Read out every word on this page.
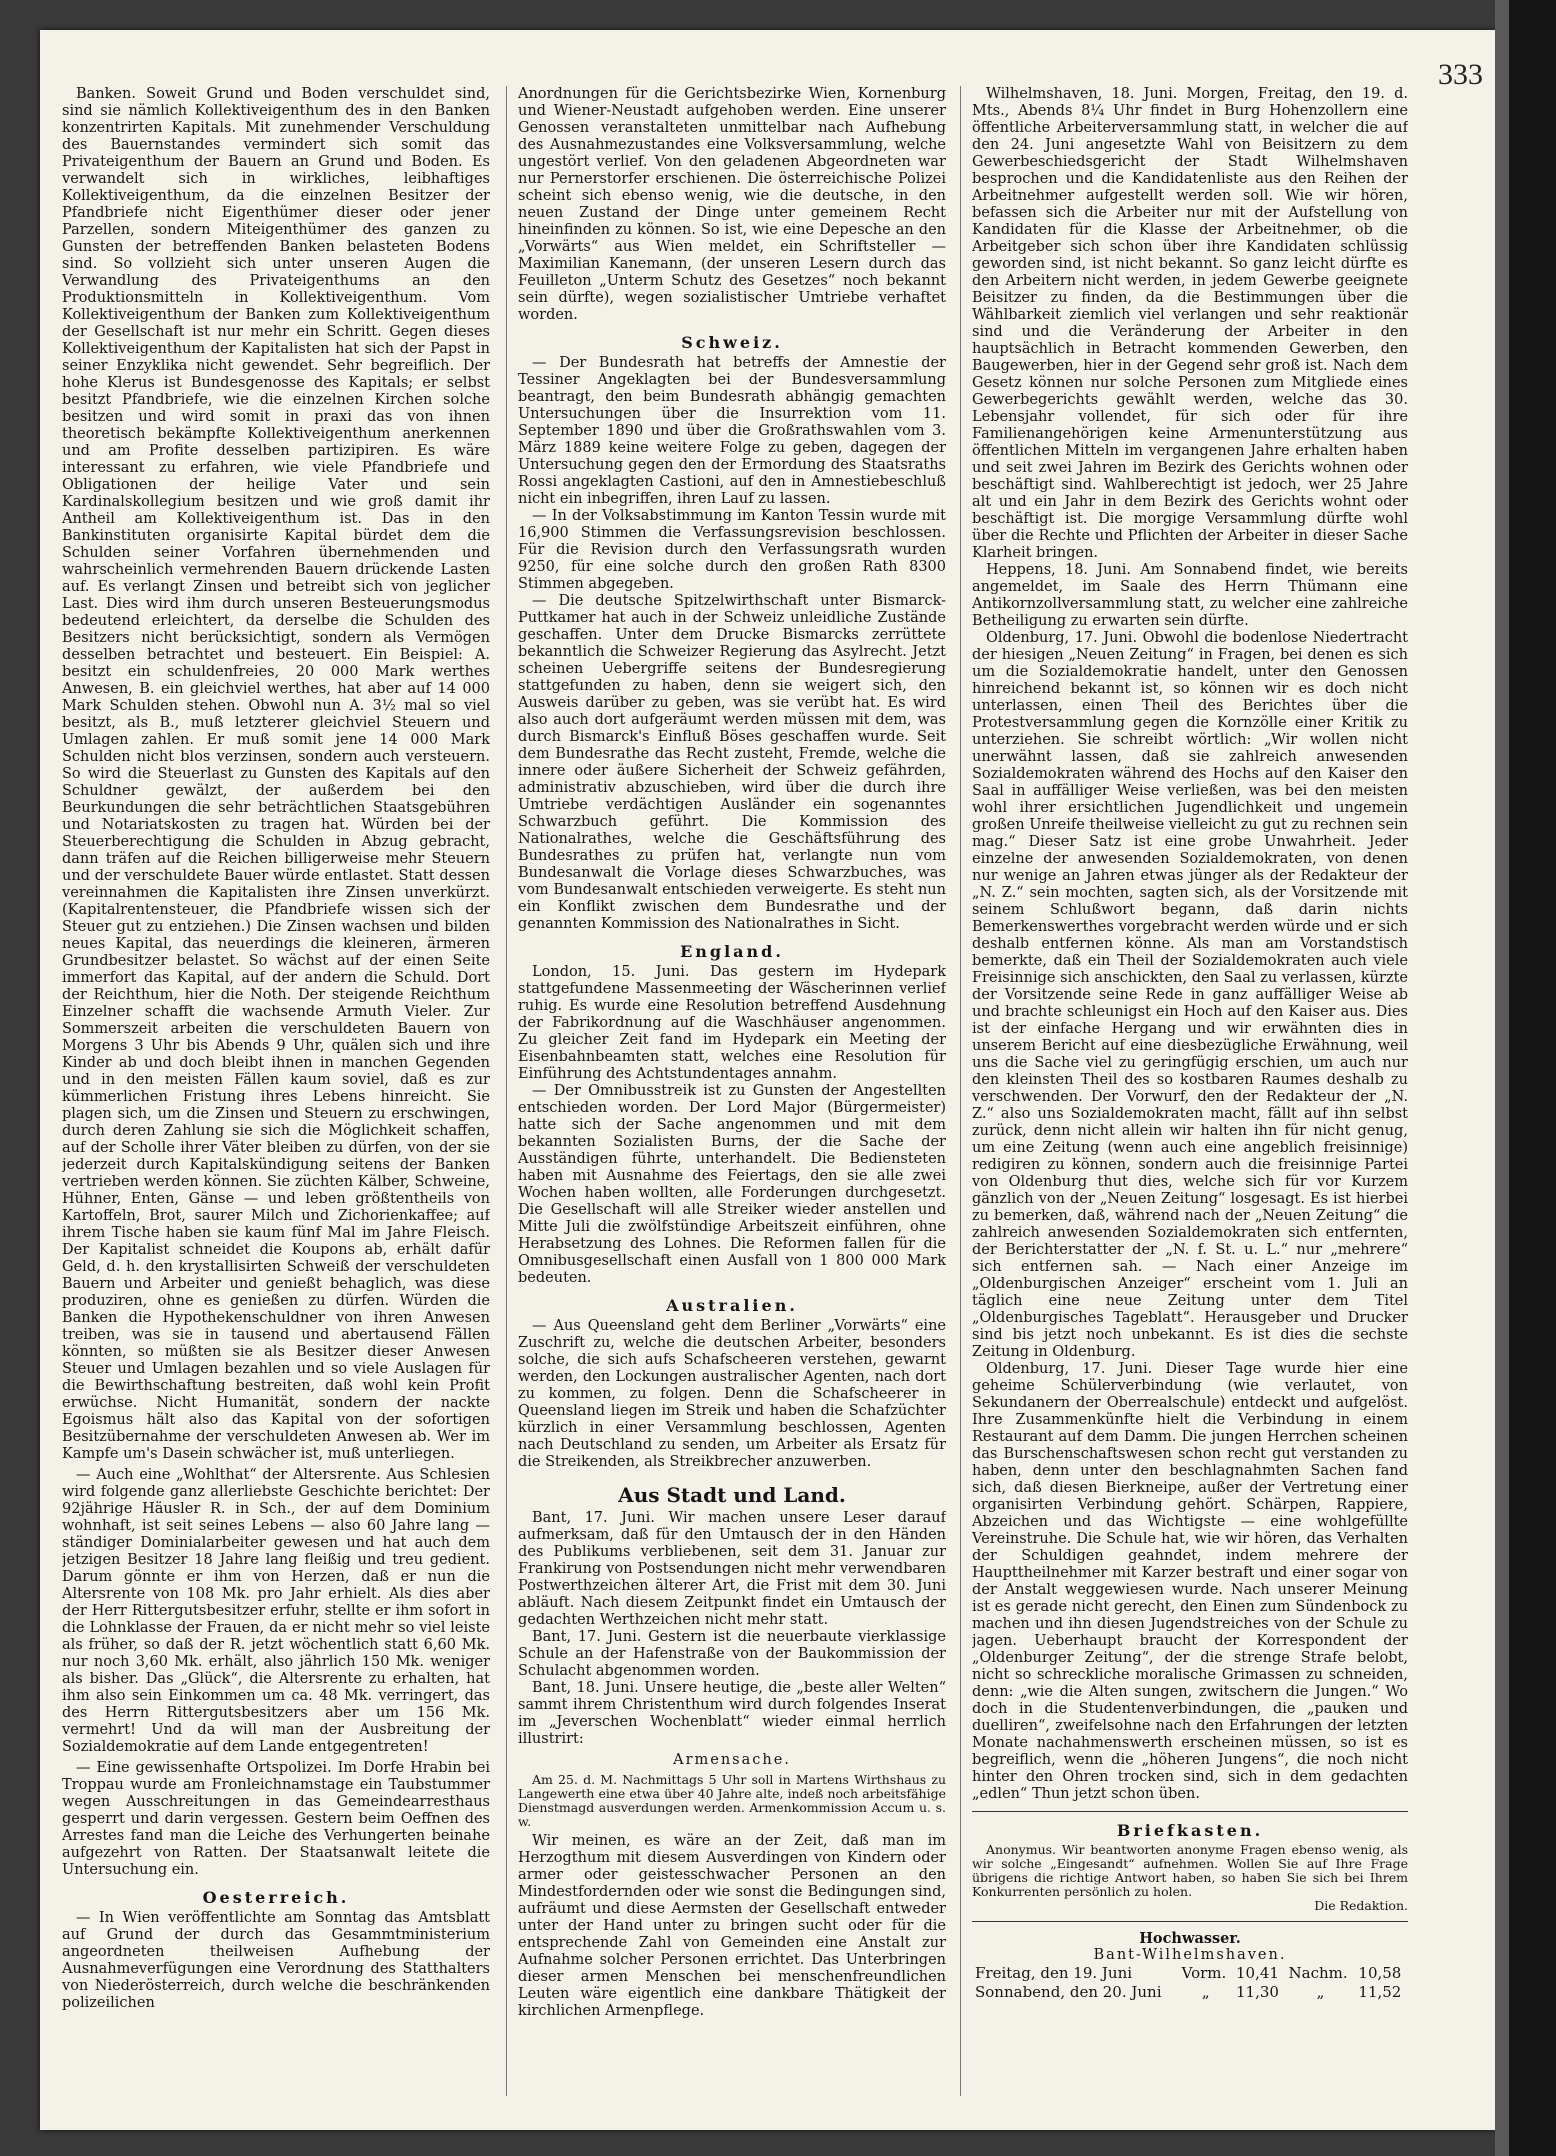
333

Banken. Soweit Grund und Boden verschuldet sind, sind sie nämlich Kollektiveigenthum des in den Banken konzentrirten Kapitals. Mit zunehmender Verschuldung des Bauernstandes vermindert sich somit das Privateigenthum der Bauern an Grund und Boden. Es verwandelt sich in wirkliches, leibhaftiges Kollektiveigenthum, da die einzelnen Besitzer der Pfandbriefe nicht Eigenthümer dieser oder jener Parzellen, sondern Miteigenthümer des ganzen zu Gunsten der betreffenden Banken belasteten Bodens sind. So vollzieht sich unter unseren Augen die Verwandlung des Privateigenthums an den Produktionsmitteln in Kollektiveigenthum. Vom Kollektiveigenthum der Banken zum Kollektiveigenthum der Gesellschaft ist nur mehr ein Schritt. Gegen dieses Kollektiveigenthum der Kapitalisten hat sich der Papst in seiner Enzyklika nicht gewendet. Sehr begreiflich. Der hohe Klerus ist Bundesgenosse des Kapitals; er selbst besitzt Pfandbriefe, wie die einzelnen Kirchen solche besitzen und wird somit in praxi das von ihnen theoretisch bekämpfte Kollektiveigenthum anerkennen und am Profite desselben partizipiren. Es wäre interessant zu erfahren, wie viele Pfandbriefe und Obligationen der heilige Vater und sein Kardinalskollegium besitzen und wie groß damit ihr Antheil am Kollektiveigenthum ist. Das in den Bankinstituten organisirte Kapital bürdet dem die Schulden seiner Vorfahren übernehmenden und wahrscheinlich vermehrenden Bauern drückende Lasten auf. Es verlangt Zinsen und betreibt sich von jeglicher Last. Dies wird ihm durch unseren Besteuerungsmodus bedeutend erleichtert, da derselbe die Schulden des Besitzers nicht berücksichtigt, sondern als Vermögen desselben betrachtet und besteuert. Ein Beispiel: A. besitzt ein schuldenfreies, 20 000 Mark werthes Anwesen, B. ein gleichviel werthes, hat aber auf 14 000 Mark Schulden stehen. Obwohl nun A. 3½ mal so viel besitzt, als B., muß letzterer gleichviel Steuern und Umlagen zahlen. Er muß somit jene 14 000 Mark Schulden nicht blos verzinsen, sondern auch versteuern. So wird die Steuerlast zu Gunsten des Kapitals auf den Schuldner gewälzt, der außerdem bei den Beurkundungen die sehr beträchtlichen Staatsgebühren und Notariatskosten zu tragen hat. Würden bei der Steuerberechtigung die Schulden in Abzug gebracht, dann träfen auf die Reichen billigerweise mehr Steuern und der verschuldete Bauer würde entlastet. Statt dessen vereinnahmen die Kapitalisten ihre Zinsen unverkürzt. (Kapitalrentensteuer, die Pfandbriefe wissen sich der Steuer gut zu entziehen.) Die Zinsen wachsen und bilden neues Kapital, das neuerdings die kleineren, ärmeren Grundbesitzer belastet. So wächst auf der einen Seite immerfort das Kapital, auf der andern die Schuld. Dort der Reichthum, hier die Noth. Der steigende Reichthum Einzelner schafft die wachsende Armuth Vieler. Zur Sommerszeit arbeiten die verschuldeten Bauern von Morgens 3 Uhr bis Abends 9 Uhr, quälen sich und ihre Kinder ab und doch bleibt ihnen in manchen Gegenden und in den meisten Fällen kaum soviel, daß es zur kümmerlichen Fristung ihres Lebens hinreicht. Sie plagen sich, um die Zinsen und Steuern zu erschwingen, durch deren Zahlung sie sich die Möglichkeit schaffen, auf der Scholle ihrer Väter bleiben zu dürfen, von der sie jederzeit durch Kapitalskündigung seitens der Banken vertrieben werden können. Sie züchten Kälber, Schweine, Hühner, Enten, Gänse — und leben größtentheils von Kartoffeln, Brot, saurer Milch und Zichorienkaffee; auf ihrem Tische haben sie kaum fünf Mal im Jahre Fleisch. Der Kapitalist schneidet die Koupons ab, erhält dafür Geld, d. h. den krystallisirten Schweiß der verschuldeten Bauern und Arbeiter und genießt behaglich, was diese produziren, ohne es genießen zu dürfen. Würden die Banken die Hypothekenschuldner von ihren Anwesen treiben, was sie in tausend und abertausend Fällen könnten, so müßten sie als Besitzer dieser Anwesen Steuer und Umlagen bezahlen und so viele Auslagen für die Bewirthschaftung bestreiten, daß wohl kein Profit erwüchse. Nicht Humanität, sondern der nackte Egoismus hält also das Kapital von der sofortigen Besitzübernahme der verschuldeten Anwesen ab. Wer im Kampfe um's Dasein schwächer ist, muß unterliegen.

— Auch eine „Wohlthat“ der Altersrente. Aus Schlesien wird folgende ganz allerliebste Geschichte berichtet: Der 92jährige Häusler R. in Sch., der auf dem Dominium wohnhaft, ist seit seines Lebens — also 60 Jahre lang — ständiger Dominialarbeiter gewesen und hat auch dem jetzigen Besitzer 18 Jahre lang fleißig und treu gedient. Darum gönnte er ihm von Herzen, daß er nun die Altersrente von 108 Mk. pro Jahr erhielt. Als dies aber der Herr Rittergutsbesitzer erfuhr, stellte er ihm sofort in die Lohnklasse der Frauen, da er nicht mehr so viel leiste als früher, so daß der R. jetzt wöchentlich statt 6,60 Mk. nur noch 3,60 Mk. erhält, also jährlich 150 Mk. weniger als bisher. Das „Glück“, die Altersrente zu erhalten, hat ihm also sein Einkommen um ca. 48 Mk. verringert, das des Herrn Rittergutsbesitzers aber um 156 Mk. vermehrt! Und da will man der Ausbreitung der Sozialdemokratie auf dem Lande entgegentreten!

— Eine gewissenhafte Ortspolizei. Im Dorfe Hrabin bei Troppau wurde am Fronleichnamstage ein Taubstummer wegen Ausschreitungen in das Gemeindearresthaus gesperrt und darin vergessen. Gestern beim Oeffnen des Arrestes fand man die Leiche des Verhungerten beinahe aufgezehrt von Ratten. Der Staatsanwalt leitete die Untersuchung ein.

Oesterreich.

— In Wien veröffentlichte am Sonntag das Amtsblatt auf Grund der durch das Gesammtministerium angeordneten theilweisen Aufhebung der Ausnahmeverfügungen eine Verordnung des Statthalters von Niederösterreich, durch welche die beschränkenden polizeilichen

Anordnungen für die Gerichtsbezirke Wien, Kornenburg und Wiener-Neustadt aufgehoben werden. Eine unserer Genossen veranstalteten unmittelbar nach Aufhebung des Ausnahmezustandes eine Volksversammlung, welche ungestört verlief. Von den geladenen Abgeordneten war nur Pernerstorfer erschienen. Die österreichische Polizei scheint sich ebenso wenig, wie die deutsche, in den neuen Zustand der Dinge unter gemeinem Recht hineinfinden zu können. So ist, wie eine Depesche an den „Vorwärts“ aus Wien meldet, ein Schriftsteller — Maximilian Kanemann, (der unseren Lesern durch das Feuilleton „Unterm Schutz des Gesetzes“ noch bekannt sein dürfte), wegen sozialistischer Umtriebe verhaftet worden.

Schweiz.

— Der Bundesrath hat betreffs der Amnestie der Tessiner Angeklagten bei der Bundesversammlung beantragt, den beim Bundesrath abhängig gemachten Untersuchungen über die Insurrektion vom 11. September 1890 und über die Großrathswahlen vom 3. März 1889 keine weitere Folge zu geben, dagegen der Untersuchung gegen den der Ermordung des Staatsraths Rossi angeklagten Castioni, auf den in Amnestiebeschluß nicht ein inbegriffen, ihren Lauf zu lassen.

— In der Volksabstimmung im Kanton Tessin wurde mit 16,900 Stimmen die Verfassungsrevision beschlossen. Für die Revision durch den Verfassungsrath wurden 9250, für eine solche durch den großen Rath 8300 Stimmen abgegeben.

— Die deutsche Spitzelwirthschaft unter Bismarck-Puttkamer hat auch in der Schweiz unleidliche Zustände geschaffen. Unter dem Drucke Bismarcks zerrüttete bekanntlich die Schweizer Regierung das Asylrecht. Jetzt scheinen Uebergriffe seitens der Bundesregierung stattgefunden zu haben, denn sie weigert sich, den Ausweis darüber zu geben, was sie verübt hat. Es wird also auch dort aufgeräumt werden müssen mit dem, was durch Bismarck's Einfluß Böses geschaffen wurde. Seit dem Bundesrathe das Recht zusteht, Fremde, welche die innere oder äußere Sicherheit der Schweiz gefährden, administrativ abzuschieben, wird über die durch ihre Umtriebe verdächtigen Ausländer ein sogenanntes Schwarzbuch geführt. Die Kommission des Nationalrathes, welche die Geschäftsführung des Bundesrathes zu prüfen hat, verlangte nun vom Bundesanwalt die Vorlage dieses Schwarzbuches, was vom Bundesanwalt entschieden verweigerte. Es steht nun ein Konflikt zwischen dem Bundesrathe und der genannten Kommission des Nationalrathes in Sicht.

England.

London, 15. Juni. Das gestern im Hydepark stattgefundene Massenmeeting der Wäscherinnen verlief ruhig. Es wurde eine Resolution betreffend Ausdehnung der Fabrikordnung auf die Waschhäuser angenommen. Zu gleicher Zeit fand im Hydepark ein Meeting der Eisenbahnbeamten statt, welches eine Resolution für Einführung des Achtstundentages annahm.

— Der Omnibusstreik ist zu Gunsten der Angestellten entschieden worden. Der Lord Major (Bürgermeister) hatte sich der Sache angenommen und mit dem bekannten Sozialisten Burns, der die Sache der Ausständigen führte, unterhandelt. Die Bediensteten haben mit Ausnahme des Feiertags, den sie alle zwei Wochen haben wollten, alle Forderungen durchgesetzt. Die Gesellschaft will alle Streiker wieder anstellen und Mitte Juli die zwölfstündige Arbeitszeit einführen, ohne Herabsetzung des Lohnes. Die Reformen fallen für die Omnibusgesellschaft einen Ausfall von 1 800 000 Mark bedeuten.

Australien.

— Aus Queensland geht dem Berliner „Vorwärts“ eine Zuschrift zu, welche die deutschen Arbeiter, besonders solche, die sich aufs Schafscheeren verstehen, gewarnt werden, den Lockungen australischer Agenten, nach dort zu kommen, zu folgen. Denn die Schafscheerer in Queensland liegen im Streik und haben die Schafzüchter kürzlich in einer Versammlung beschlossen, Agenten nach Deutschland zu senden, um Arbeiter als Ersatz für die Streikenden, als Streikbrecher anzuwerben.

Aus Stadt und Land.

Bant, 17. Juni. Wir machen unsere Leser darauf aufmerksam, daß für den Umtausch der in den Händen des Publikums verbliebenen, seit dem 31. Januar zur Frankirung von Postsendungen nicht mehr verwendbaren Postwerthzeichen älterer Art, die Frist mit dem 30. Juni abläuft. Nach diesem Zeitpunkt findet ein Umtausch der gedachten Werthzeichen nicht mehr statt.

Bant, 17. Juni. Gestern ist die neuerbaute vierklassige Schule an der Hafenstraße von der Baukommission der Schulacht abgenommen worden.

Bant, 18. Juni. Unsere heutige, die „beste aller Welten“ sammt ihrem Christenthum wird durch folgendes Inserat im „Jeverschen Wochenblatt“ wieder einmal herrlich illustrirt:

Armensache.

Am 25. d. M. Nachmittags 5 Uhr soll in Martens Wirthshaus zu Langewerth eine etwa über 40 Jahre alte, indeß noch arbeitsfähige Dienstmagd ausverdungen werden. Armenkommission Accum u. s. w.

Wir meinen, es wäre an der Zeit, daß man im Herzogthum mit diesem Ausverdingen von Kindern oder armer oder geistesschwacher Personen an den Mindestfordernden oder wie sonst die Bedingungen sind, aufräumt und diese Aermsten der Gesellschaft entweder unter der Hand unter zu bringen sucht oder für die entsprechende Zahl von Gemeinden eine Anstalt zur Aufnahme solcher Personen errichtet. Das Unterbringen dieser armen Menschen bei menschenfreundlichen Leuten wäre eigentlich eine dankbare Thätigkeit der kirchlichen Armenpflege.

Wilhelmshaven, 18. Juni. Morgen, Freitag, den 19. d. Mts., Abends 8¼ Uhr findet in Burg Hohenzollern eine öffentliche Arbeiterversammlung statt, in welcher die auf den 24. Juni angesetzte Wahl von Beisitzern zu dem Gewerbeschiedsgericht der Stadt Wilhelmshaven besprochen und die Kandidatenliste aus den Reihen der Arbeitnehmer aufgestellt werden soll. Wie wir hören, befassen sich die Arbeiter nur mit der Aufstellung von Kandidaten für die Klasse der Arbeitnehmer, ob die Arbeitgeber sich schon über ihre Kandidaten schlüssig geworden sind, ist nicht bekannt. So ganz leicht dürfte es den Arbeitern nicht werden, in jedem Gewerbe geeignete Beisitzer zu finden, da die Bestimmungen über die Wählbarkeit ziemlich viel verlangen und sehr reaktionär sind und die Veränderung der Arbeiter in den hauptsächlich in Betracht kommenden Gewerben, den Baugewerben, hier in der Gegend sehr groß ist. Nach dem Gesetz können nur solche Personen zum Mitgliede eines Gewerbegerichts gewählt werden, welche das 30. Lebensjahr vollendet, für sich oder für ihre Familienangehörigen keine Armenunterstützung aus öffentlichen Mitteln im vergangenen Jahre erhalten haben und seit zwei Jahren im Bezirk des Gerichts wohnen oder beschäftigt sind. Wahlberechtigt ist jedoch, wer 25 Jahre alt und ein Jahr in dem Bezirk des Gerichts wohnt oder beschäftigt ist. Die morgige Versammlung dürfte wohl über die Rechte und Pflichten der Arbeiter in dieser Sache Klarheit bringen.

Heppens, 18. Juni. Am Sonnabend findet, wie bereits angemeldet, im Saale des Herrn Thümann eine Antikornzollversammlung statt, zu welcher eine zahlreiche Betheiligung zu erwarten sein dürfte.

Oldenburg, 17. Juni. Obwohl die bodenlose Niedertracht der hiesigen „Neuen Zeitung“ in Fragen, bei denen es sich um die Sozialdemokratie handelt, unter den Genossen hinreichend bekannt ist, so können wir es doch nicht unterlassen, einen Theil des Berichtes über die Protestversammlung gegen die Kornzölle einer Kritik zu unterziehen. Sie schreibt wörtlich: „Wir wollen nicht unerwähnt lassen, daß sie zahlreich anwesenden Sozialdemokraten während des Hochs auf den Kaiser den Saal in auffälliger Weise verließen, was bei den meisten wohl ihrer ersichtlichen Jugendlichkeit und ungemein großen Unreife theilweise vielleicht zu gut zu rechnen sein mag.“ Dieser Satz ist eine grobe Unwahrheit. Jeder einzelne der anwesenden Sozialdemokraten, von denen nur wenige an Jahren etwas jünger als der Redakteur der „N. Z.“ sein mochten, sagten sich, als der Vorsitzende mit seinem Schlußwort begann, daß darin nichts Bemerkenswerthes vorgebracht werden würde und er sich deshalb entfernen könne. Als man am Vorstandstisch bemerkte, daß ein Theil der Sozialdemokraten auch viele Freisinnige sich anschickten, den Saal zu verlassen, kürzte der Vorsitzende seine Rede in ganz auffälliger Weise ab und brachte schleunigst ein Hoch auf den Kaiser aus. Dies ist der einfache Hergang und wir erwähnten dies in unserem Bericht auf eine diesbezügliche Erwähnung, weil uns die Sache viel zu geringfügig erschien, um auch nur den kleinsten Theil des so kostbaren Raumes deshalb zu verschwenden. Der Vorwurf, den der Redakteur der „N. Z.“ also uns Sozialdemokraten macht, fällt auf ihn selbst zurück, denn nicht allein wir halten ihn für nicht genug, um eine Zeitung (wenn auch eine angeblich freisinnige) redigiren zu können, sondern auch die freisinnige Partei von Oldenburg thut dies, welche sich für vor Kurzem gänzlich von der „Neuen Zeitung“ losgesagt. Es ist hierbei zu bemerken, daß, während nach der „Neuen Zeitung“ die zahlreich anwesenden Sozialdemokraten sich entfernten, der Berichterstatter der „N. f. St. u. L.“ nur „mehrere“ sich entfernen sah. — Nach einer Anzeige im „Oldenburgischen Anzeiger“ erscheint vom 1. Juli an täglich eine neue Zeitung unter dem Titel „Oldenburgisches Tageblatt“. Herausgeber und Drucker sind bis jetzt noch unbekannt. Es ist dies die sechste Zeitung in Oldenburg.

Oldenburg, 17. Juni. Dieser Tage wurde hier eine geheime Schülerverbindung (wie verlautet, von Sekundanern der Oberrealschule) entdeckt und aufgelöst. Ihre Zusammenkünfte hielt die Verbindung in einem Restaurant auf dem Damm. Die jungen Herrchen scheinen das Burschenschaftswesen schon recht gut verstanden zu haben, denn unter den beschlagnahmten Sachen fand sich, daß diesen Bierkneipe, außer der Vertretung einer organisirten Verbindung gehört. Schärpen, Rappiere, Abzeichen und das Wichtigste — eine wohlgefüllte Vereinstruhe. Die Schule hat, wie wir hören, das Verhalten der Schuldigen geahndet, indem mehrere der Haupttheilnehmer mit Karzer bestraft und einer sogar von der Anstalt weggewiesen wurde. Nach unserer Meinung ist es gerade nicht gerecht, den Einen zum Sündenbock zu machen und ihn diesen Jugendstreiches von der Schule zu jagen. Ueberhaupt braucht der Korrespondent der „Oldenburger Zeitung“, der die strenge Strafe belobt, nicht so schreckliche moralische Grimassen zu schneiden, denn: „wie die Alten sungen, zwitschern die Jungen.“ Wo doch in die Studentenverbindungen, die „pauken und duelliren“, zweifelsohne nach den Erfahrungen der letzten Monate nachahmenswerth erscheinen müssen, so ist es begreiflich, wenn die „höheren Jungens“, die noch nicht hinter den Ohren trocken sind, sich in dem gedachten „edlen“ Thun jetzt schon üben.

Briefkasten.

Anonymus. Wir beantworten anonyme Fragen ebenso wenig, als wir solche „Eingesandt“ aufnehmen. Wollen Sie auf Ihre Frage übrigens die richtige Antwort haben, so haben Sie sich bei Ihrem Konkurrenten persönlich zu holen.

Die Redaktion.
Hochwasser.
Bant-Wilhelmshaven.
Freitag, den 19. Juni	Vorm.	10,41	Nachm.	10,58
Sonnabend, den 20. Juni	„	11,30	„	11,52
